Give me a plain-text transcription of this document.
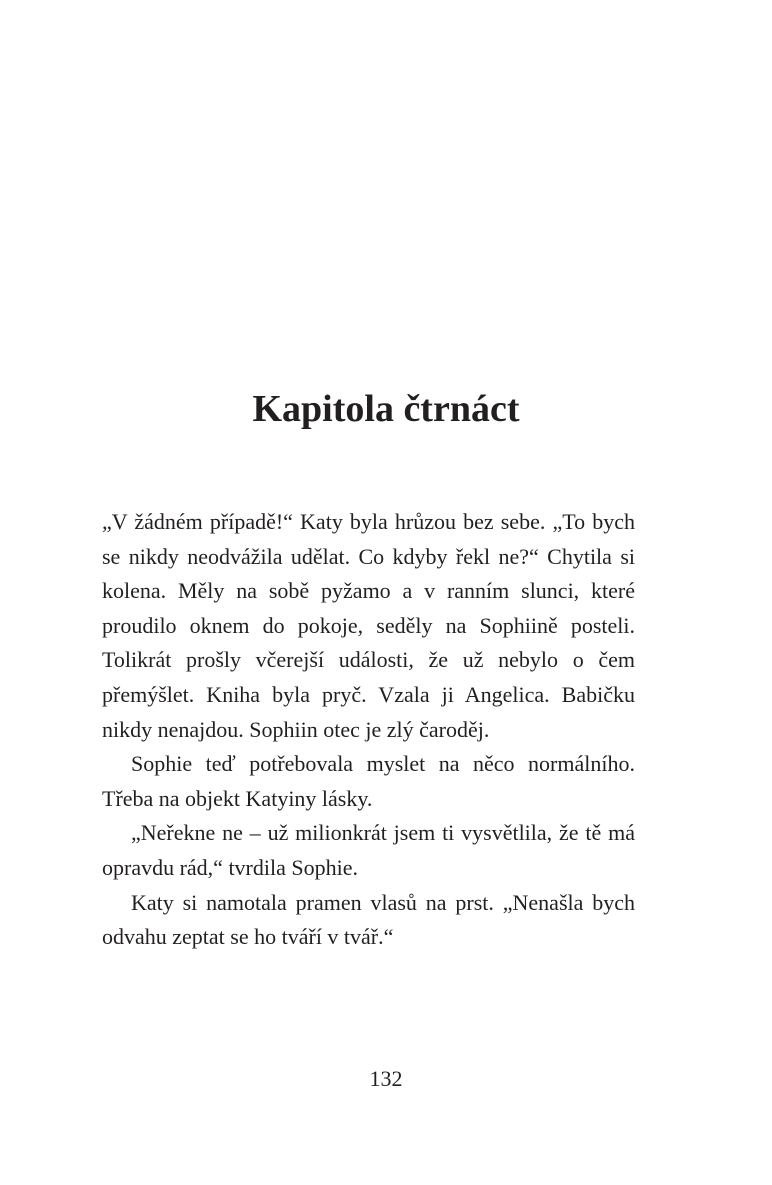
Kapitola čtrnáct

„V žádném případě!“ Katy byla hrůzou bez sebe. „To bych se nikdy neodvážila udělat. Co kdyby řekl ne?“ Chytila si kolena. Měly na sobě pyžamo a v ranním slunci, které proudilo oknem do pokoje, seděly na Sophiině posteli. Tolikrát prošly včerejší události, že už nebylo o čem přemýšlet. Kniha byla pryč. Vzala ji Angelica. Babičku nikdy nenajdou. Sophiin otec je zlý čaroděj.

Sophie teď potřebovala myslet na něco normálního. Třeba na objekt Katyiny lásky.

„Neřekne ne – už milionkrát jsem ti vysvětlila, že tě má opravdu rád,“ tvrdila Sophie.

Katy si namotala pramen vlasů na prst. „Nenašla bych odvahu zeptat se ho tváří v tvář.“

132
